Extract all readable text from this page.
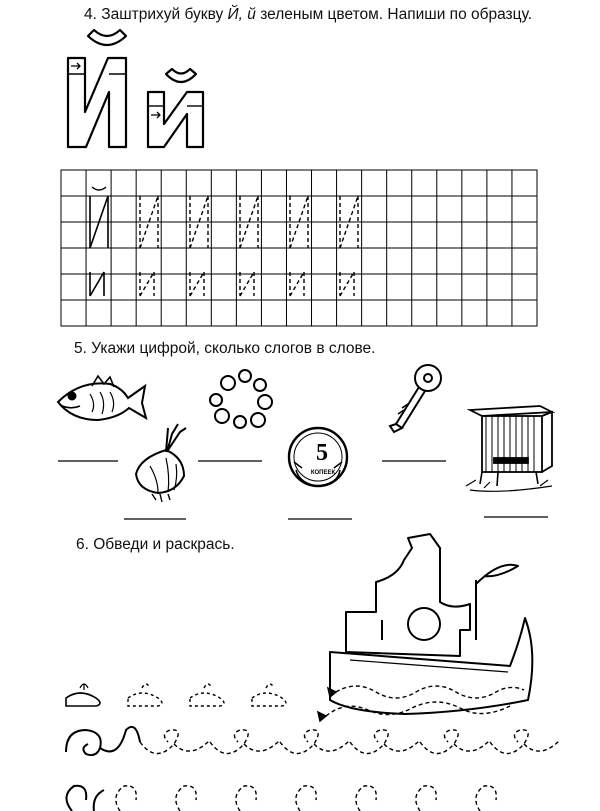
4. Заштрихуй букву Й, й зеленым цветом. Напиши по образцу.
5. Укажи цифрой, сколько слогов в слове.
6. Обведи и раскрась.
5
КОПЕЕК
